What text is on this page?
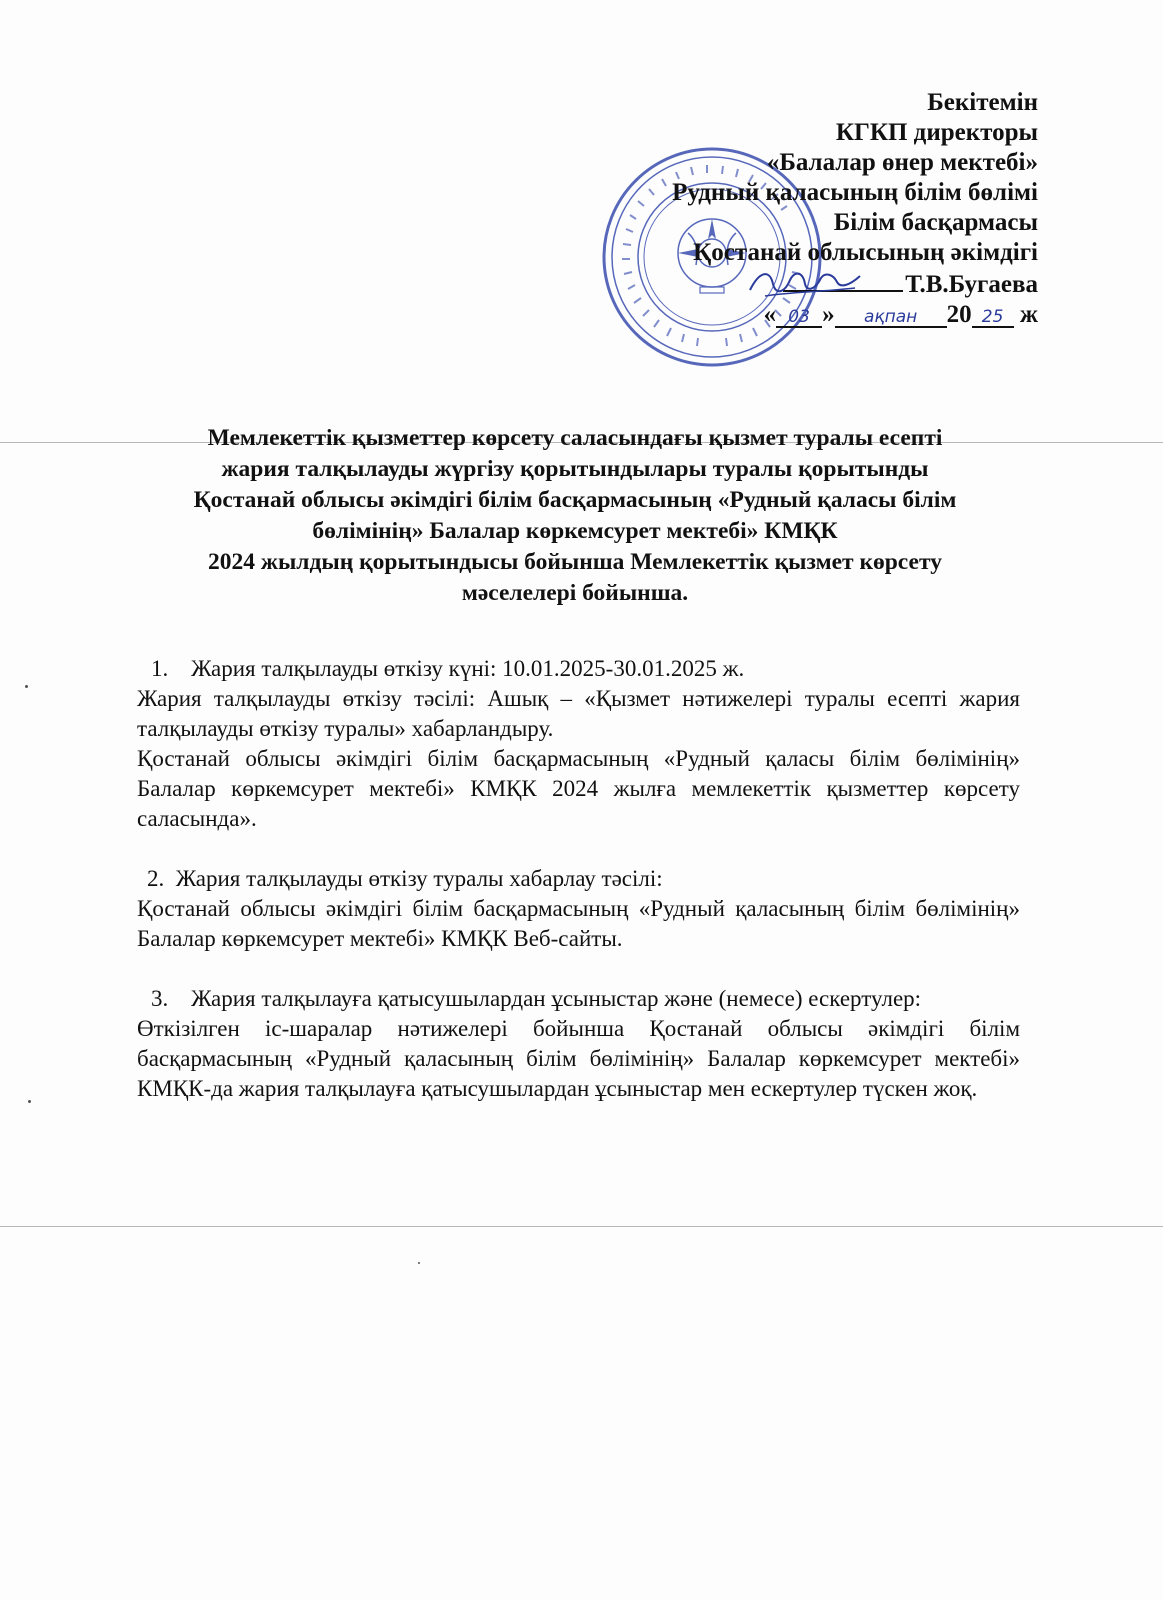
Бекітемін
КГКП директоры
«Балалар өнер мектебі»
Рудный қаласының білім бөлімі
Білім басқармасы
Қостанай облысының әкімдігі
Т.В.Бугаева
« 03 » ақпан 20 25 ж
Мемлекеттік қызметтер көрсету саласындағы қызмет туралы есепті
жария талқылауды жүргізу қорытындылары туралы қорытынды
Қостанай облысы әкімдігі білім басқармасының «Рудный қаласы білім
бөлімінің» Балалар көркемсурет мектебі» КМҚК
2024 жылдың қорытындысы бойынша Мемлекеттік қызмет көрсету
мәселелері бойынша.
1. Жария талқылауды өткізу күні: 10.01.2025-30.01.2025 ж.

Жария талқылауды өткізу тәсілі: Ашық – «Қызмет нәтижелері туралы есепті жария талқылауды өткізу туралы» хабарландыру.

Қостанай облысы әкімдігі білім басқармасының «Рудный қаласы білім бөлімінің» Балалар көркемсурет мектебі» КМҚК 2024 жылға мемлекеттік қызметтер көрсету саласында».

2. Жария талқылауды өткізу туралы хабарлау тәсілі:

Қостанай облысы әкімдігі білім басқармасының «Рудный қаласының білім бөлімінің» Балалар көркемсурет мектебі» КМҚК Веб-сайты.

3. Жария талқылауға қатысушылардан ұсыныстар және (немесе) ескертулер:

Өткізілген іс-шаралар нәтижелері бойынша Қостанай облысы әкімдігі білім басқармасының «Рудный қаласының білім бөлімінің» Балалар көркемсурет мектебі» КМҚК-да жария талқылауға қатысушылардан ұсыныстар мен ескертулер түскен жоқ.
